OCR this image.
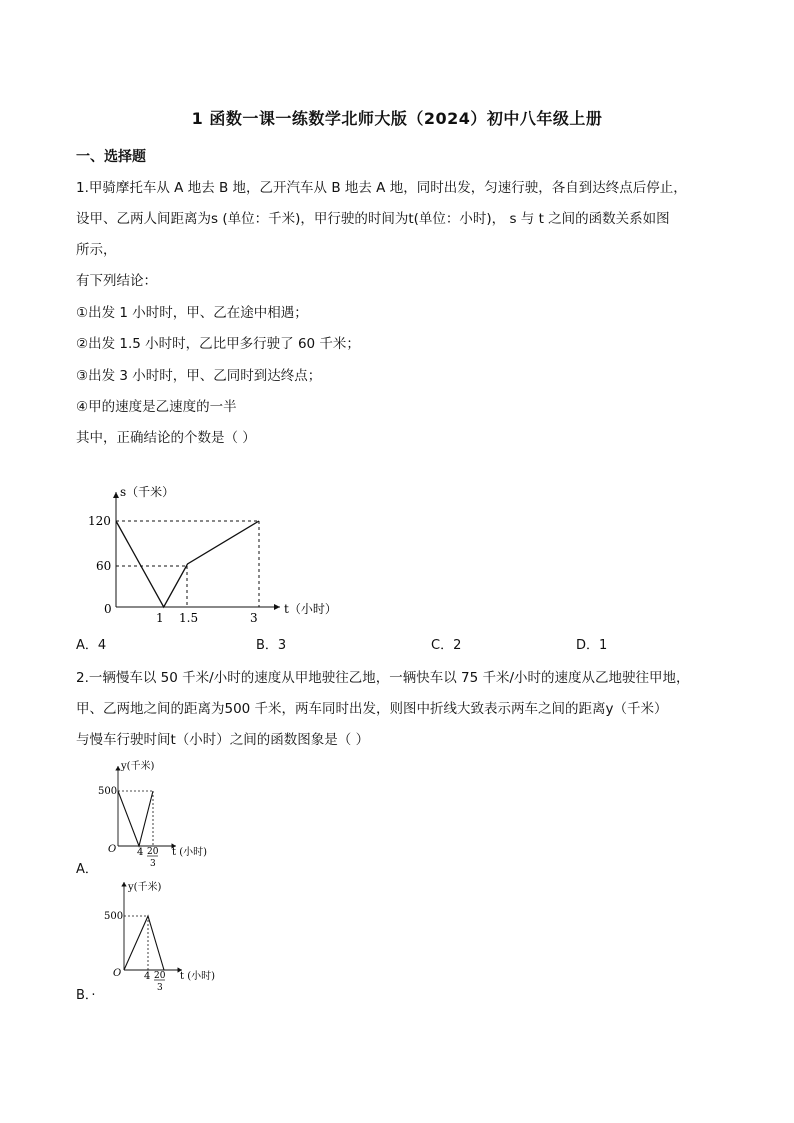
1 函数一课一练数学北师大版（2024）初中八年级上册
一、选择题
1.甲骑摩托车从 A 地去 B 地，乙开汽车从 B 地去 A 地，同时出发，匀速行驶，各自到达终点后停止，
设甲、乙两人间距离为s (单位：千米)，甲行驶的时间为t(单位：小时)， s 与 t 之间的函数关系如图
所示，
有下列结论：
①出发 1 小时时，甲、乙在途中相遇；
②出发 1.5 小时时，乙比甲多行驶了 60 千米；
③出发 3 小时时，甲、乙同时到达终点；
④甲的速度是乙速度的一半
其中，正确结论的个数是（ ）
s（千米）
t（小时）
0
120
60
1 1.5	3
A．4	B．3	C．2	D．1
2.一辆慢车以 50 千米/小时的速度从甲地驶往乙地，一辆快车以 75 千米/小时的速度从乙地驶往甲地，
甲、乙两地之间的距离为500 千米，两车同时出发，则图中折线大致表示两车之间的距离y（千米）
与慢车行驶时间t（小时）之间的函数图象是（ ）
y(千米)
500
O 4 20
3
t (小时)
A．
y(千米)
500
O 4 20
3
t (小时)
B．·
